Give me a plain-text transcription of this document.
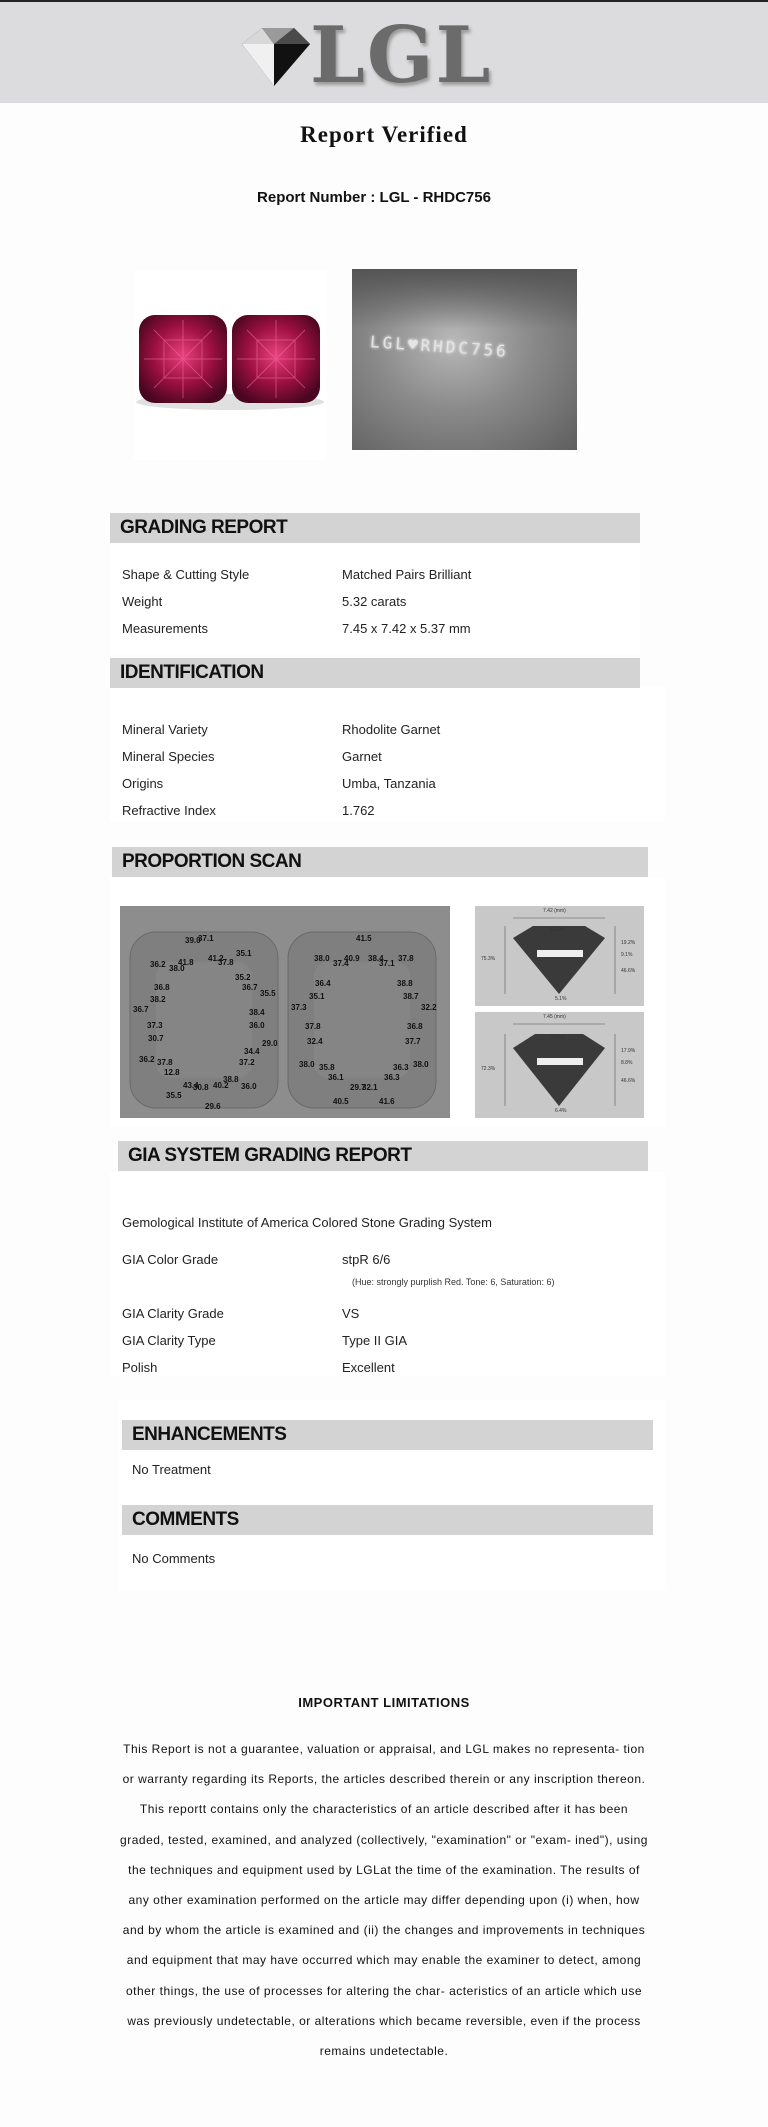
LGL
Report Verified
Report Number : LGL - RHDC756
LGL♥RHDC756
GRADING REPORT
Shape & Cutting Style	Matched Pairs Brilliant
Weight	5.32 carats
Measurements	7.45 x 7.42 x 5.37 mm
IDENTIFICATION
Mineral Variety	Rhodolite Garnet
Mineral Species	Garnet
Origins	Umba, Tanzania
Refractive Index	1.762
PROPORTION SCAN
37.1
41.2
37.8
35.1
35.2
36.7
35.5
38.4
36.0
29.0
34.4
37.2
36.0
38.8
40.2
29.6
30.8
43.4
35.5
12.8
37.8
36.2
30.7
37.3
36.7
38.2
36.8
36.2 38.0
41.8
39.0	41.5
38.4
37.1
37.8
38.8
38.7
32.2
36.8
37.7
38.0
36.3
36.3
41.6
32.1
29.7
40.5
36.1
35.8
38.0
32.4
37.8
37.3
35.1
36.4
38.0
37.4
40.9
7.42 (mm)
61.9%
75.3%
19.2%
9.1%
46.6%
5.1%
7.45 (mm)
59.5%
72.3%
17.9%
8.8%
46.6%
6.4%
GIA SYSTEM GRADING REPORT
Gemological Institute of America Colored Stone Grading System
GIA Color Grade	stpR 6/6
(Hue: strongly purplish Red. Tone: 6, Saturation: 6)
GIA Clarity Grade	VS
GIA Clarity Type	Type II GIA
Polish	Excellent
ENHANCEMENTS
No Treatment
COMMENTS
No Comments
IMPORTANT LIMITATIONS
This Report is not a guarantee, valuation or appraisal, and LGL makes no representa- tion or warranty regarding its Reports, the articles described therein or any inscription thereon. This reportt contains only the characteristics of an article described after it has been graded, tested, examined, and analyzed (collectively, "examination" or "exam- ined"), using the techniques and equipment used by LGLat the time of the examination. The results of any other examination performed on the article may differ depending upon (i) when, how and by whom the article is examined and (ii) the changes and improvements in techniques and equipment that may have occurred which may enable the examiner to detect, among other things, the use of processes for altering the char- acteristics of an article which use was previously undetectable, or alterations which became reversible, even if the process remains undetectable.
